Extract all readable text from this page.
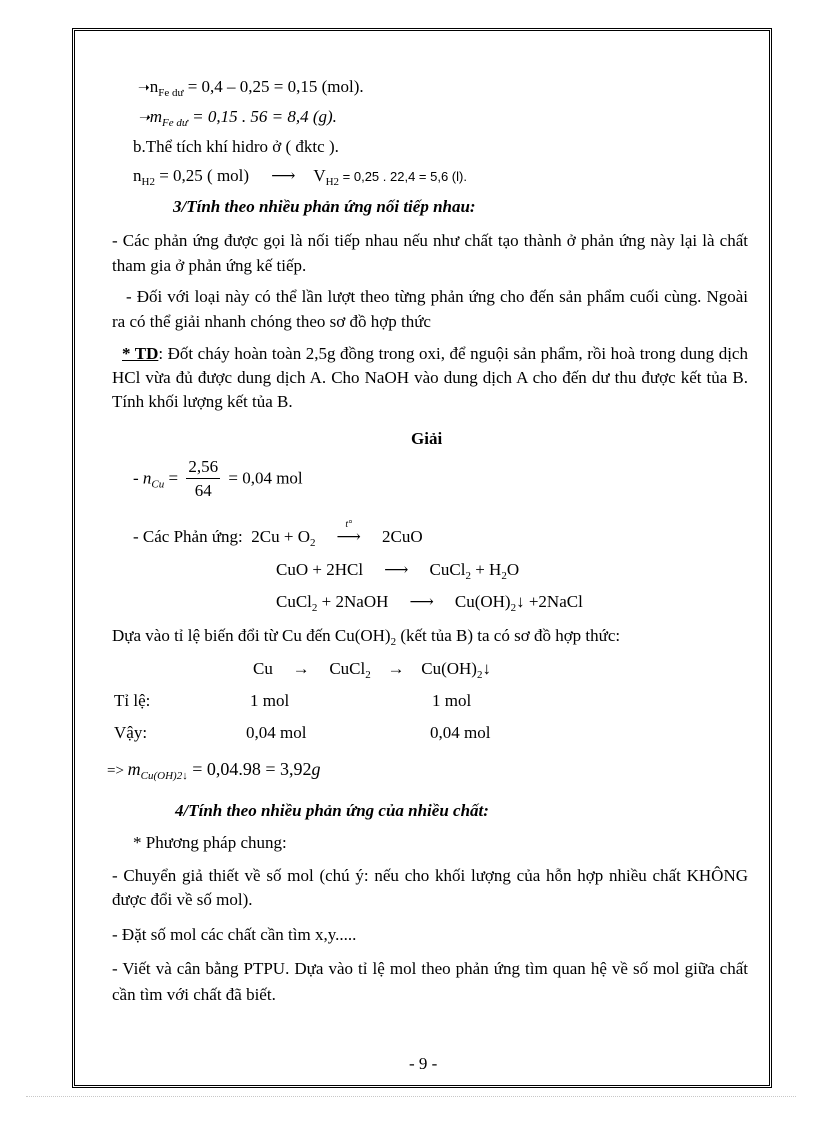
$➝n_{Fe dư} = 0,4 - 0,25 = 0,15$ (mol).
$➝m_{Fe dư} = 0,15$ . 56 = 8,4 (g).
b.Thể tích khí hidro ở ( đktc ).
$n_{H2} = 0,25$ ( mol) ⟶ $V_{H2} = 0,25$ . 22,4 = 5,6 (l).
3/Tính theo nhiều phản ứng nối tiếp nhau:
- Các phản ứng được gọi là nối tiếp nhau nếu như chất tạo thành ở phản ứng này lại là chất tham gia ở phản ứng kế tiếp.
- Đối với loại này có thể lần lượt theo từng phản ứng cho đến sản phẩm cuối cùng. Ngoài ra có thể giải nhanh chóng theo sơ đồ hợp thức
* TD: Đốt cháy hoàn toàn 2,5g đồng trong oxi, để nguội sản phẩm, rồi hoà trong dung dịch HCl vừa đủ được dung dịch A. Cho NaOH vào dung dịch A cho đến dư thu được kết tủa B. Tính khối lượng kết tủa B.
Giải
- $n_{Cu} = \frac{2,56}{64} = 0,04$ mol
- Các Phản ứng: $2Cu + O_2$
t°
⟶ 2CuO
CuO + 2HCl ⟶ CuCl$_2$ + $H_2O$
CuCl$_2$ + 2NaOH ⟶ $Cu(OH)_2↓$ +2NaCl
Dựa vào tỉ lệ biến đổi từ Cu đến $Cu(OH)_2$ (kết tủa B) ta có sơ đồ hợp thức:
Cu → CuCl$_2$ → $Cu(OH)_2↓$
Tỉ lệ:	1 mol	1 mol
Vậy:	0,04 mol	0,04 mol
=> $m_{Cu(OH)2↓} = 0,04.98 = 3,92g$
4/Tính theo nhiều phản ứng của nhiều chất:
* Phương pháp chung:
- Chuyển giả thiết về số mol (chú ý: nếu cho khối lượng của hỗn hợp nhiều chất KHÔNG được đổi về số mol).
- Đặt số mol các chất cần tìm x,y.....
- Viết và cân bằng PTPU. Dựa vào tỉ lệ mol theo phản ứng tìm quan hệ về số mol giữa chất cần tìm với chất đã biết.
- 9 -
